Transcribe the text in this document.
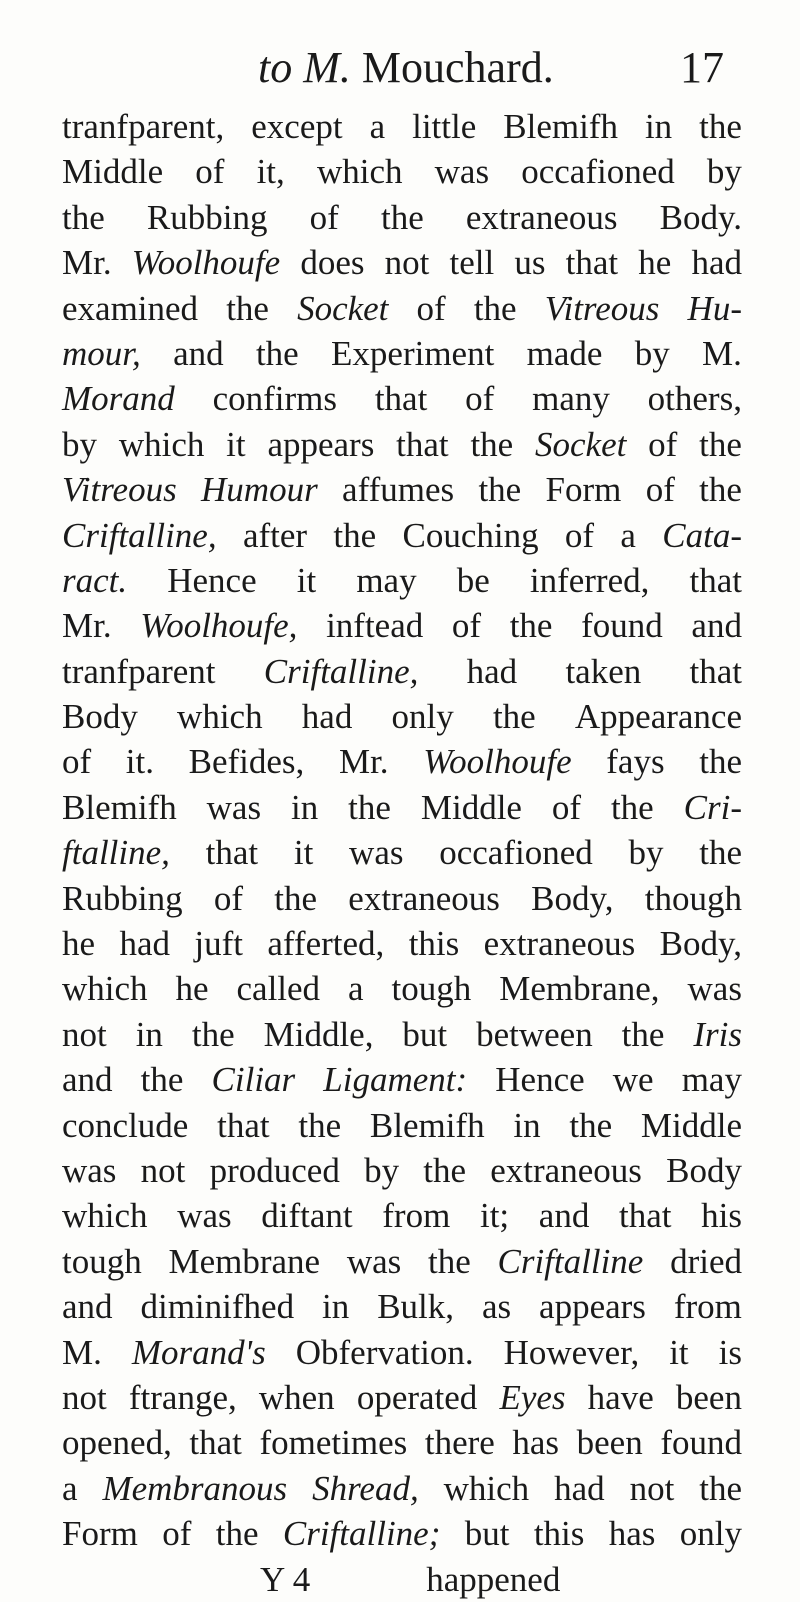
to M. Mouchard.	17
tranfparent, except a little Blemifh in the
Middle of it, which was occafioned by
the Rubbing of the extraneous Body.
Mr. Woolhoufe does not tell us that he had
examined the Socket of the Vitreous Hu-
mour, and the Experiment made by M.
Morand confirms that of many others,
by which it appears that the Socket of the
Vitreous Humour affumes the Form of the
Criftalline, after the Couching of a Cata-
ract. Hence it may be inferred, that
Mr. Woolhoufe, inftead of the found and
tranfparent Criftalline, had taken that
Body which had only the Appearance
of it. Befides, Mr. Woolhoufe fays the
Blemifh was in the Middle of the Cri-
ftalline, that it was occafioned by the
Rubbing of the extraneous Body, though
he had juft afferted, this extraneous Body,
which he called a tough Membrane, was
not in the Middle, but between the Iris
and the Ciliar Ligament: Hence we may
conclude that the Blemifh in the Middle
was not produced by the extraneous Body
which was diftant from it; and that his
tough Membrane was the Criftalline dried
and diminifhed in Bulk, as appears from
M. Morand's Obfervation. However, it is
not ftrange, when operated Eyes have been
opened, that fometimes there has been found
a Membranous Shread, which had not the
Form of the Criftalline; but this has only
Y 4	happened
